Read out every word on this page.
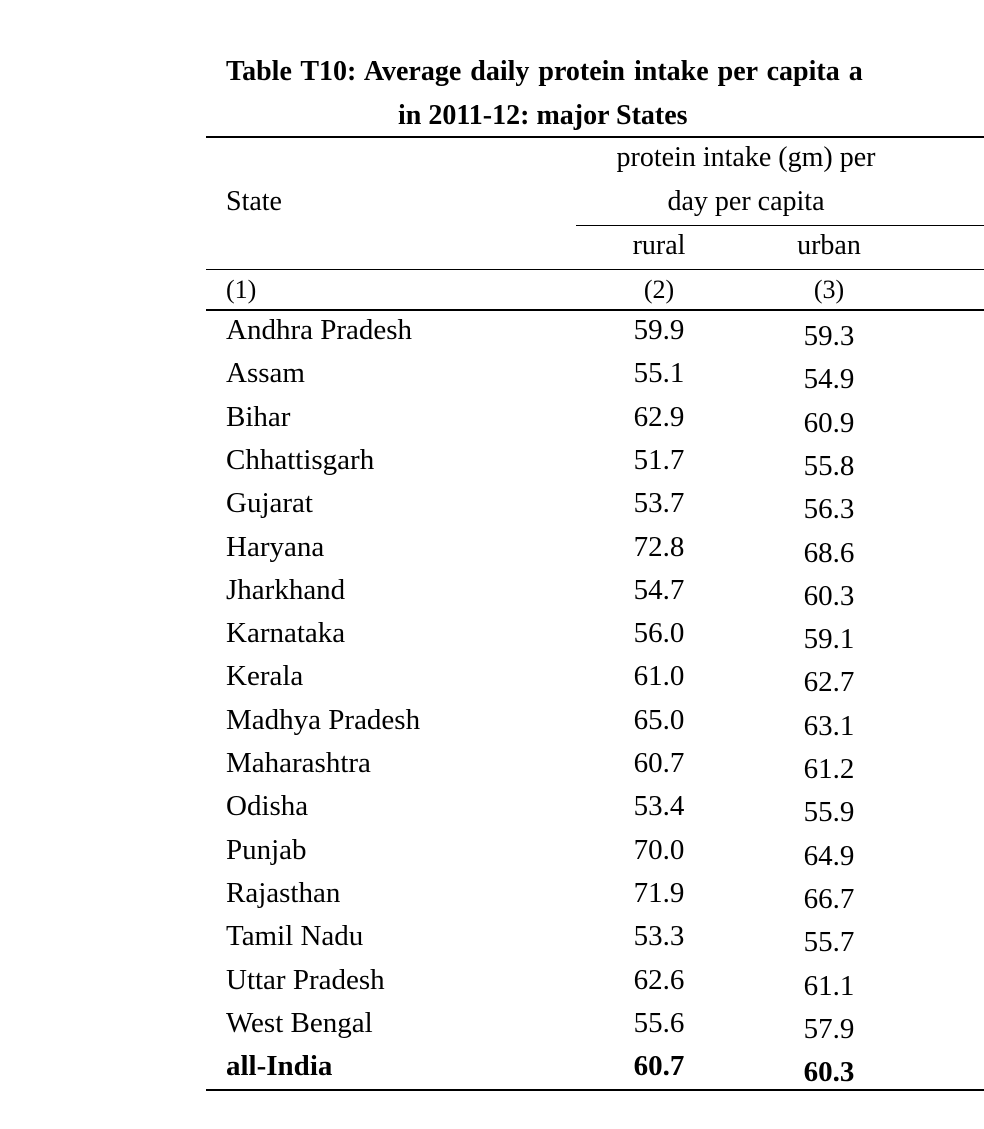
Table T10: Average daily protein intake per capita a
in 2011-12: major States
State
protein intake (gm) per
day per capita
rural	urban
(1)	(2)	(3)
Andhra Pradesh	59.9	59.3
Assam	55.1	54.9
Bihar	62.9	60.9
Chhattisgarh	51.7	55.8
Gujarat	53.7	56.3
Haryana	72.8	68.6
Jharkhand	54.7	60.3
Karnataka	56.0	59.1
Kerala	61.0	62.7
Madhya Pradesh	65.0	63.1
Maharashtra	60.7	61.2
Odisha	53.4	55.9
Punjab	70.0	64.9
Rajasthan	71.9	66.7
Tamil Nadu	53.3	55.7
Uttar Pradesh	62.6	61.1
West Bengal	55.6	57.9
all-India	60.7	60.3
